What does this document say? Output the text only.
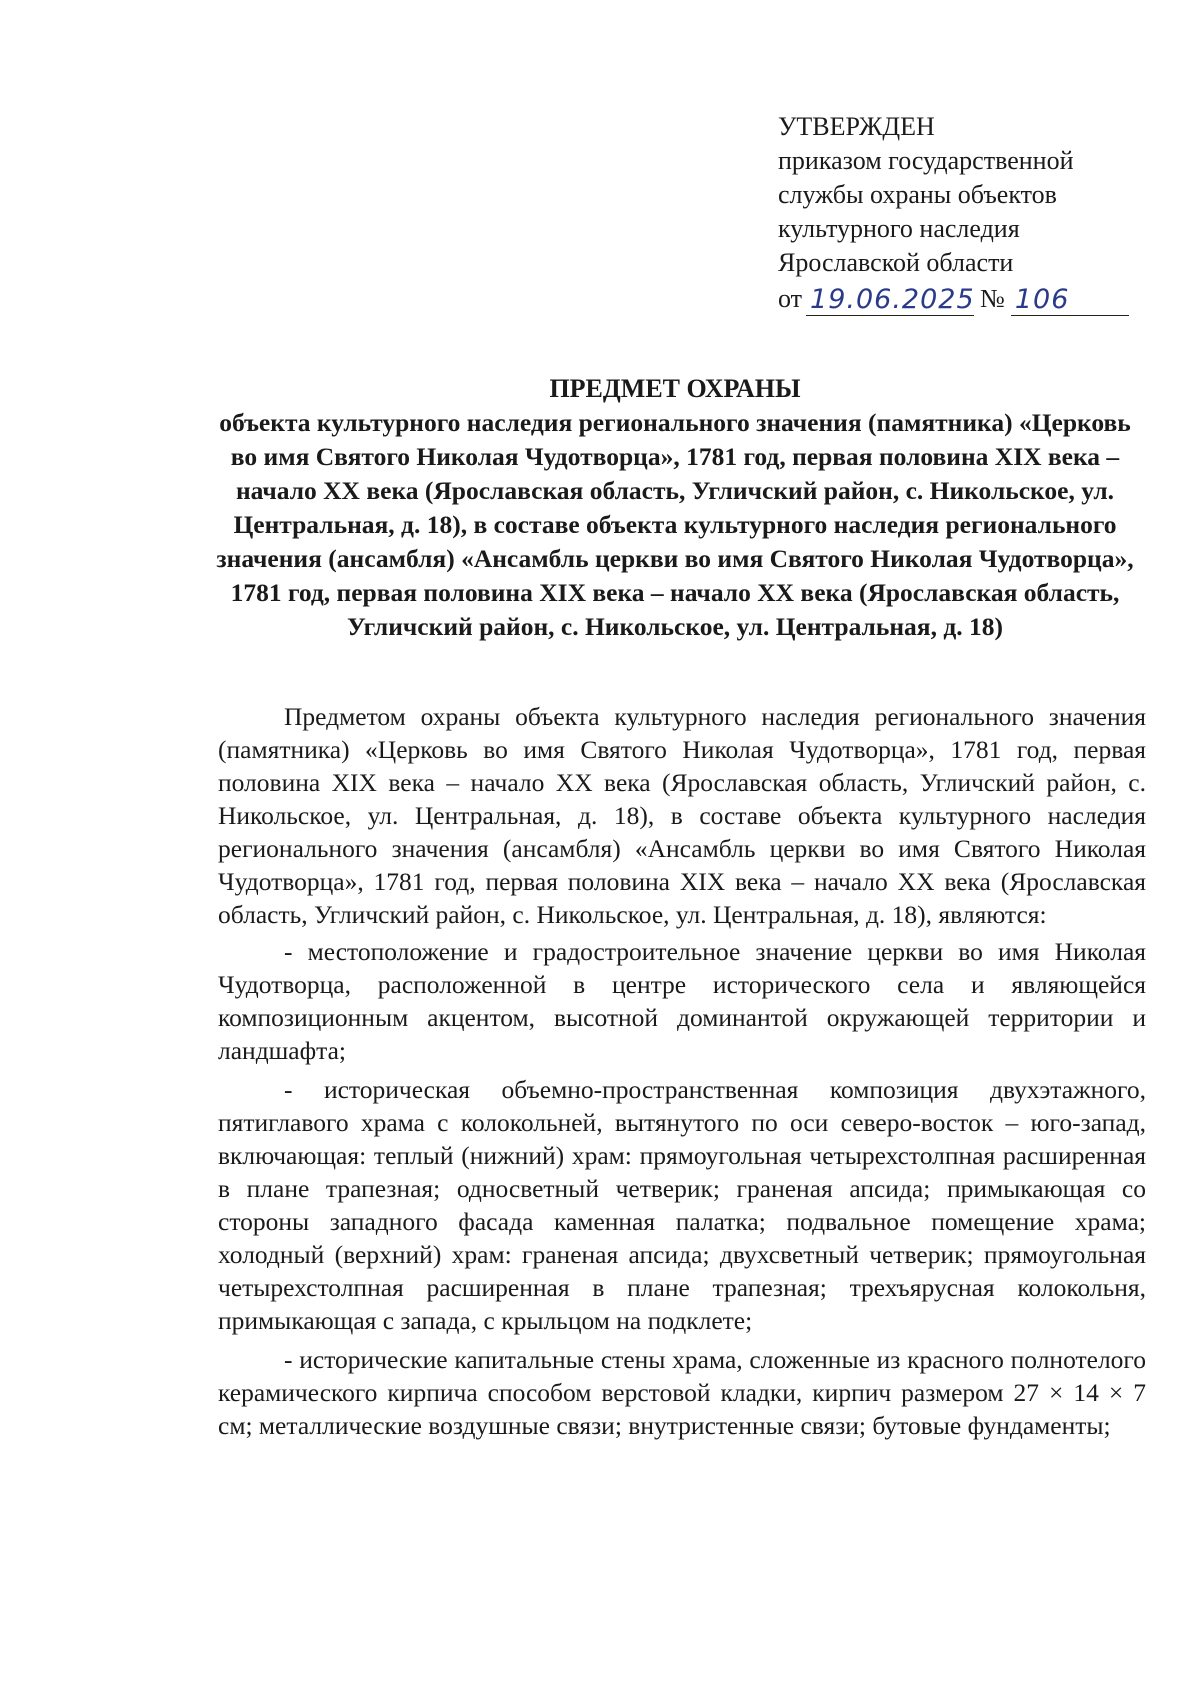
УТВЕРЖДЕН
приказом государственной
службы охраны объектов
культурного наследия
Ярославской области
от 19.06.2025 № 106

ПРЕДМЕТ ОХРАНЫ

объекта культурного наследия регионального значения (памятника) «Церковь во имя Святого Николая Чудотворца», 1781 год, первая половина XIX века – начало XX века (Ярославская область, Угличский район, с. Никольское, ул. Центральная, д. 18), в составе объекта культурного наследия регионального значения (ансамбля) «Ансамбль церкви во имя Святого Николая Чудотворца», 1781 год, первая половина XIX века – начало XX века (Ярославская область, Угличский район, с. Никольское, ул. Центральная, д. 18)

Предметом охраны объекта культурного наследия регионального значения (памятника) «Церковь во имя Святого Николая Чудотворца», 1781 год, первая половина XIX века – начало XX века (Ярославская область, Угличский район, с. Никольское, ул. Центральная, д. 18), в составе объекта культурного наследия регионального значения (ансамбля) «Ансамбль церкви во имя Святого Николая Чудотворца», 1781 год, первая половина XIX века – начало XX века (Ярославская область, Угличский район, с. Никольское, ул. Центральная, д. 18), являются:

- местоположение и градостроительное значение церкви во имя Николая Чудотворца, расположенной в центре исторического села и являющейся композиционным акцентом, высотной доминантой окружающей территории и ландшафта;

- историческая объемно-пространственная композиция двухэтажного, пятиглавого храма с колокольней, вытянутого по оси северо-восток – юго-запад, включающая: теплый (нижний) храм: прямоугольная четырехстолпная расширенная в плане трапезная; односветный четверик; граненая апсида; примыкающая со стороны западного фасада каменная палатка; подвальное помещение храма; холодный (верхний) храм: граненая апсида; двухсветный четверик; прямоугольная четырехстолпная расширенная в плане трапезная; трехъярусная колокольня, примыкающая с запада, с крыльцом на подклете;

- исторические капитальные стены храма, сложенные из красного полнотелого керамического кирпича способом верстовой кладки, кирпич размером 27 × 14 × 7 см; металлические воздушные связи; внутристенные связи; бутовые фундаменты;
